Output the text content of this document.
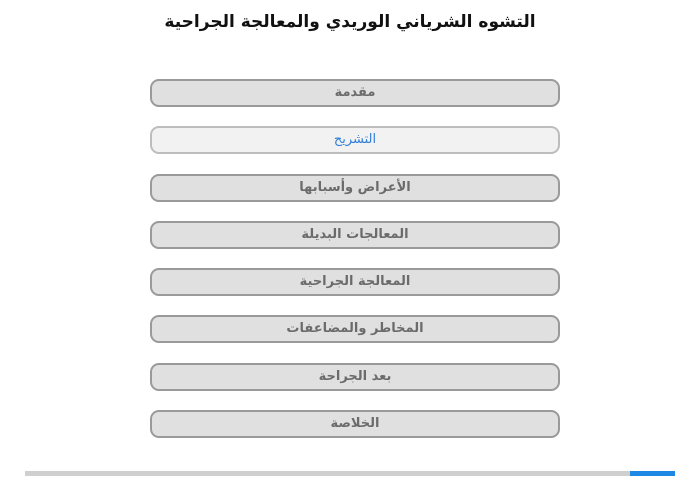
التشوه الشرياني الوريدي والمعالجة الجراحية
مقدمة
التشريح
الأعراض وأسبابها
المعالجات البديلة
المعالجة الجراحية
المخاطر والمضاعفات
بعد الجراحة
الخلاصة
